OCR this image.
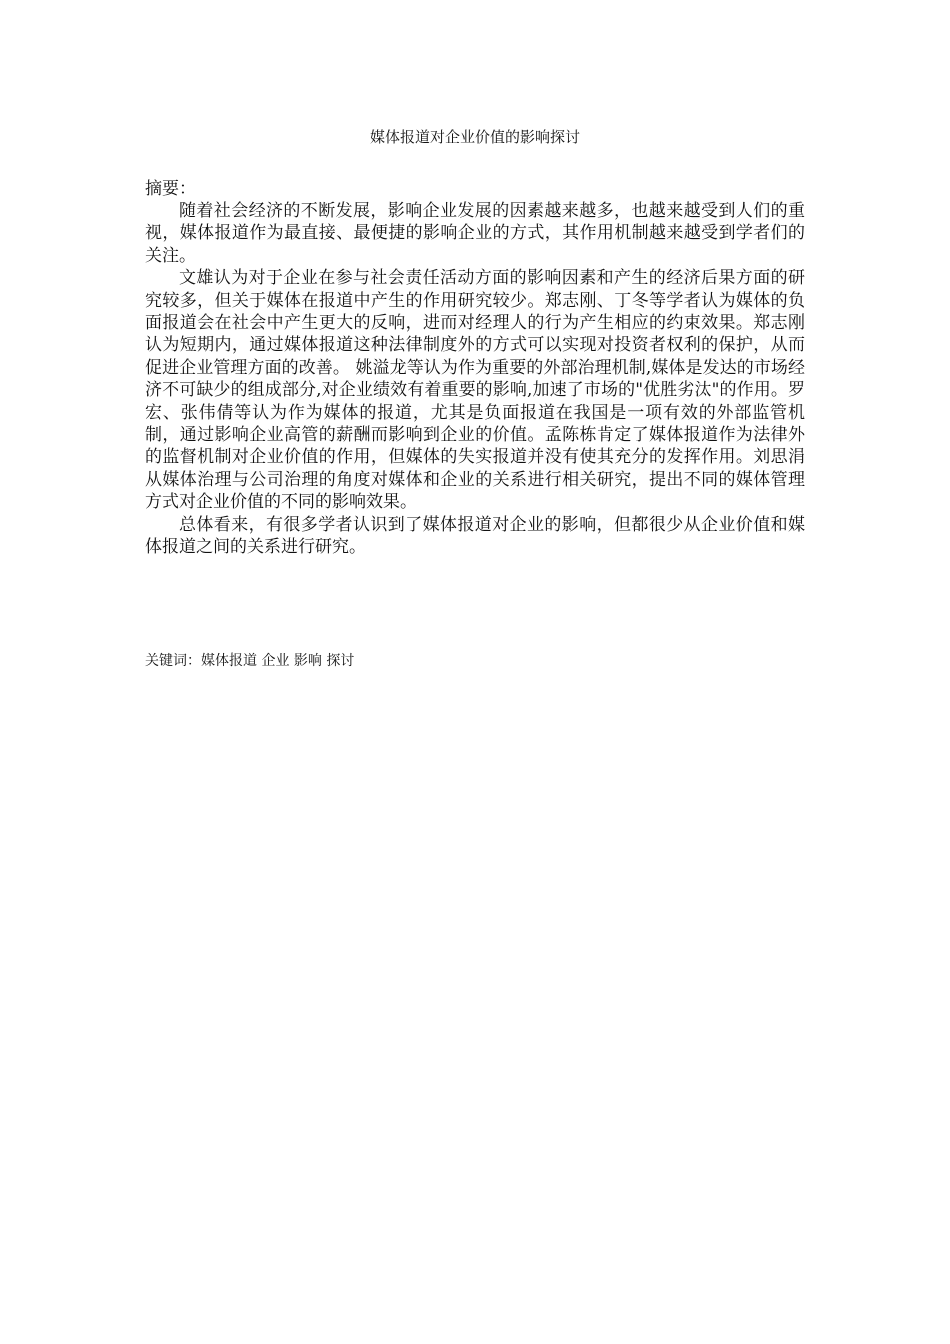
媒体报道对企业价值的影响探讨
摘要：

随着社会经济的不断发展，影响企业发展的因素越来越多，也越来越受到人们的重视，媒体报道作为最直接、最便捷的影响企业的方式，其作用机制越来越受到学者们的关注。

文雄认为对于企业在参与社会责任活动方面的影响因素和产生的经济后果方面的研究较多，但关于媒体在报道中产生的作用研究较少。郑志刚、丁冬等学者认为媒体的负面报道会在社会中产生更大的反响，进而对经理人的行为产生相应的约束效果。郑志刚认为短期内，通过媒体报道这种法律制度外的方式可以实现对投资者权利的保护，从而促进企业管理方面的改善。 姚溢龙等认为作为重要的外部治理机制,媒体是发达的市场经济不可缺少的组成部分,对企业绩效有着重要的影响,加速了市场的"优胜劣汰"的作用。罗宏、张伟倩等认为作为媒体的报道，尤其是负面报道在我国是一项有效的外部监管机制，通过影响企业高管的薪酬而影响到企业的价值。孟陈栋肯定了媒体报道作为法律外的监督机制对企业价值的作用，但媒体的失实报道并没有使其充分的发挥作用。刘思涓从媒体治理与公司治理的角度对媒体和企业的关系进行相关研究，提出不同的媒体管理方式对企业价值的不同的影响效果。

总体看来，有很多学者认识到了媒体报道对企业的影响，但都很少从企业价值和媒体报道之间的关系进行研究。

关键词：媒体报道 企业 影响 探讨
